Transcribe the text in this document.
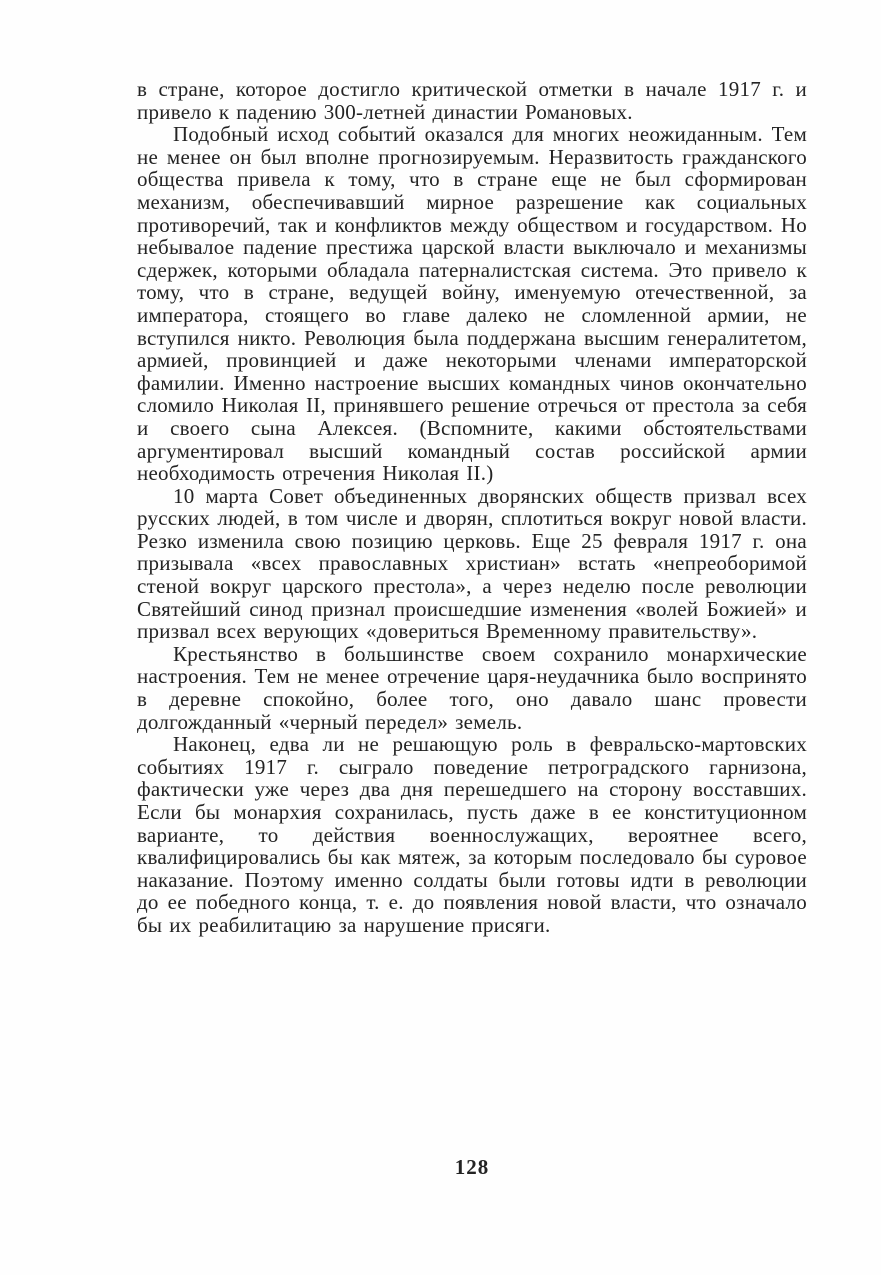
в стране, которое достигло критической отметки в начале 1917 г. и привело к падению 300-летней династии Романовых.

Подобный исход событий оказался для многих неожиданным. Тем не менее он был вполне прогнозируемым. Неразвитость гражданского общества привела к тому, что в стране еще не был сформирован механизм, обеспечивавший мирное разрешение как социальных противоречий, так и конфликтов между обществом и государством. Но небывалое падение престижа царской власти выключало и механизмы сдержек, которыми обладала патерналистская система. Это привело к тому, что в стране, ведущей войну, именуемую отечественной, за императора, стоящего во главе далеко не сломленной армии, не вступился никто. Революция была поддержана высшим генералитетом, армией, провинцией и даже некоторыми членами императорской фамилии. Именно настроение высших командных чинов окончательно сломило Николая II, принявшего решение отречься от престола за себя и своего сына Алексея. (Вспомните, какими обстоятельствами аргументировал высший командный состав российской армии необходимость отречения Николая II.)

10 марта Совет объединенных дворянских обществ призвал всех русских людей, в том числе и дворян, сплотиться вокруг новой власти. Резко изменила свою позицию церковь. Еще 25 февраля 1917 г. она призывала «всех православных христиан» встать «непреоборимой стеной вокруг царского престола», а через неделю после революции Святейший синод признал происшедшие изменения «волей Божией» и призвал всех верующих «довериться Временному правительству».

Крестьянство в большинстве своем сохранило монархические настроения. Тем не менее отречение царя-неудачника было воспринято в деревне спокойно, более того, оно давало шанс провести долгожданный «черный передел» земель.

Наконец, едва ли не решающую роль в февральско-мартовских событиях 1917 г. сыграло поведение петроградского гарнизона, фактически уже через два дня перешедшего на сторону восставших. Если бы монархия сохранилась, пусть даже в ее конституционном варианте, то действия военнослужащих, вероятнее всего, квалифицировались бы как мятеж, за которым последовало бы суровое наказание. Поэтому именно солдаты были готовы идти в революции до ее победного конца, т. е. до появления новой власти, что означало бы их реабилитацию за нарушение присяги.

128
